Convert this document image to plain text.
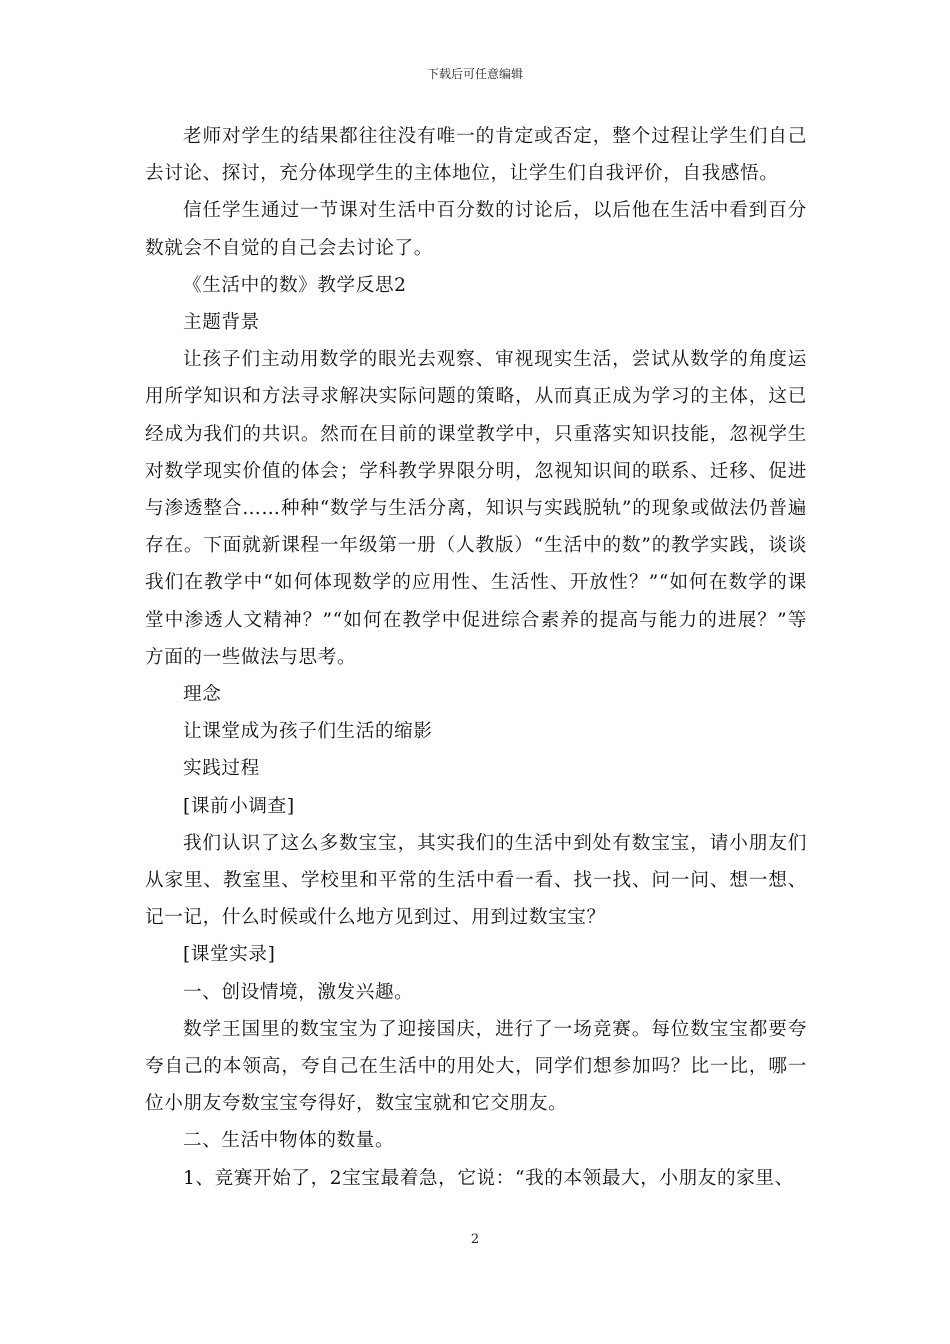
下载后可任意编辑

老师对学生的结果都往往没有唯一的肯定或否定，整个过程让学生们自己去讨论、探讨，充分体现学生的主体地位，让学生们自我评价，自我感悟。

信任学生通过一节课对生活中百分数的讨论后，以后他在生活中看到百分数就会不自觉的自己会去讨论了。

《生活中的数》教学反思2

主题背景

让孩子们主动用数学的眼光去观察、审视现实生活，尝试从数学的角度运用所学知识和方法寻求解决实际问题的策略，从而真正成为学习的主体，这已经成为我们的共识。然而在目前的课堂教学中，只重落实知识技能，忽视学生对数学现实价值的体会；学科教学界限分明，忽视知识间的联系、迁移、促进与渗透整合……种种“数学与生活分离，知识与实践脱轨”的现象或做法仍普遍存在。下面就新课程一年级第一册（人教版）“生活中的数”的教学实践，谈谈我们在教学中“如何体现数学的应用性、生活性、开放性？”“如何在数学的课堂中渗透人文精神？”“如何在教学中促进综合素养的提高与能力的进展？”等方面的一些做法与思考。

理念

让课堂成为孩子们生活的缩影

实践过程

[课前小调查]

我们认识了这么多数宝宝，其实我们的生活中到处有数宝宝，请小朋友们从家里、教室里、学校里和平常的生活中看一看、找一找、问一问、想一想、记一记，什么时候或什么地方见到过、用到过数宝宝？

[课堂实录]

一、创设情境，激发兴趣。

数学王国里的数宝宝为了迎接国庆，进行了一场竞赛。每位数宝宝都要夸夸自己的本领高，夸自己在生活中的用处大，同学们想参加吗？比一比，哪一位小朋友夸数宝宝夸得好，数宝宝就和它交朋友。

二、生活中物体的数量。

1、竞赛开始了，2宝宝最着急，它说：“我的本领最大，小朋友的家里、

2
